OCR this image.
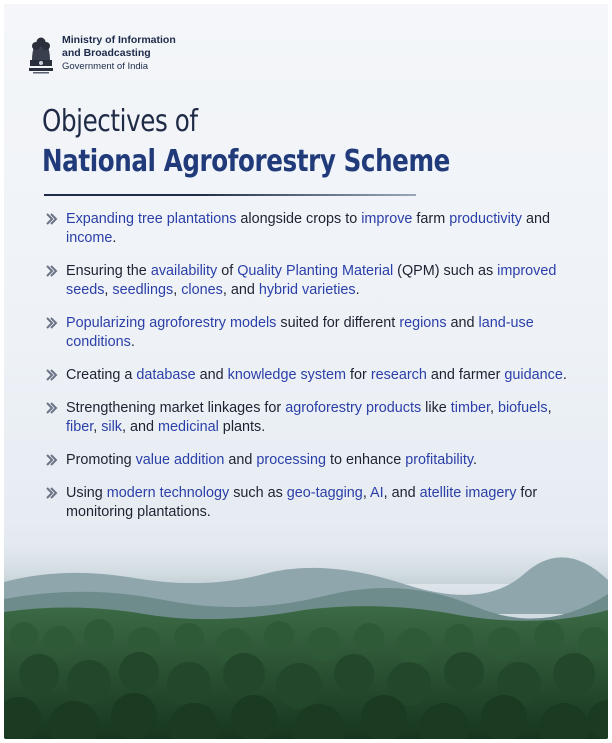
Ministry of Information
and Broadcasting
Government of India
Objectives of
National Agroforestry Scheme
Expanding tree plantations alongside crops to improve farm productivity and income.
Ensuring the availability of Quality Planting Material (QPM) such as improved seeds, seedlings, clones, and hybrid varieties.
Popularizing agroforestry models suited for different regions and land-use conditions.
Creating a database and knowledge system for research and farmer guidance.
Strengthening market linkages for agroforestry products like timber, biofuels, fiber, silk, and medicinal plants.
Promoting value addition and processing to enhance profitability.
Using modern technology such as geo-tagging, AI, and atellite imagery for monitoring plantations.
